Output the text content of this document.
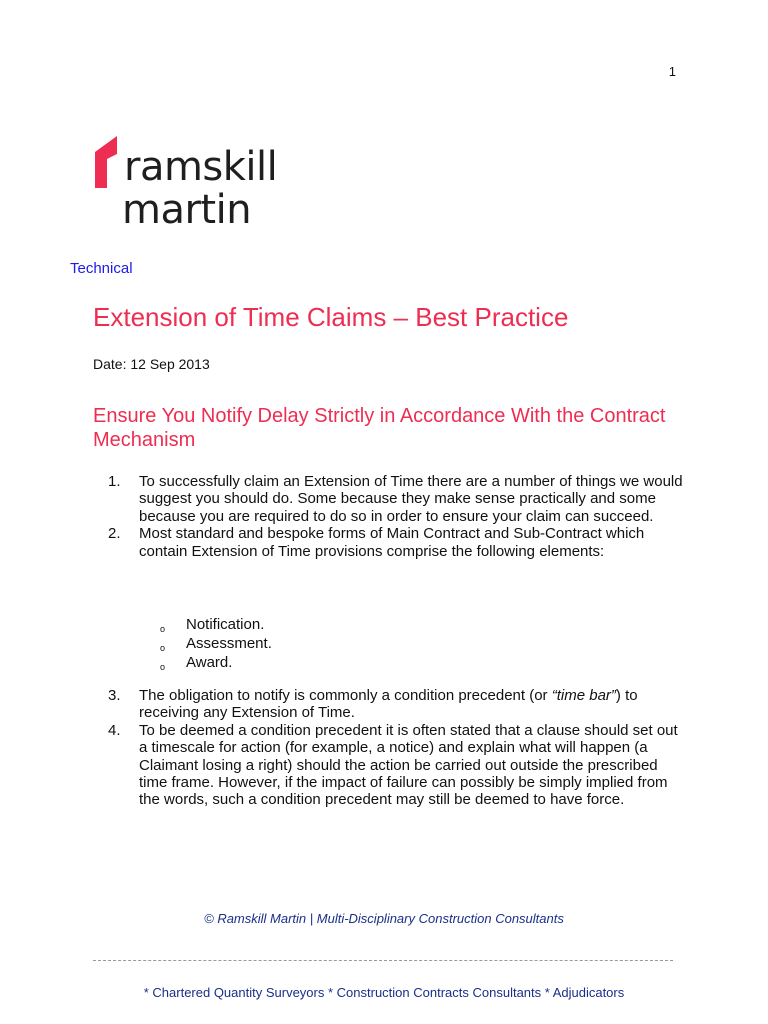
1
ramskill
martin
Technical
Extension of Time Claims – Best Practice
Date: 12 Sep 2013
Ensure You Notify Delay Strictly in Accordance With the Contract Mechanism
1. To successfully claim an Extension of Time there are a number of things we would suggest you should do. Some because they make sense practically and some because you are required to do so in order to ensure your claim can succeed.
2. Most standard and bespoke forms of Main Contract and Sub-Contract which contain Extension of Time provisions comprise the following elements:
o Notification.
o Assessment.
o Award.
3. The obligation to notify is commonly a condition precedent (or “time bar”) to receiving any Extension of Time.
4. To be deemed a condition precedent it is often stated that a clause should set out a timescale for action (for example, a notice) and explain what will happen (a Claimant losing a right) should the action be carried out outside the prescribed time frame. However, if the impact of failure can possibly be simply implied from the words, such a condition precedent may still be deemed to have force.
© Ramskill Martin | Multi-Disciplinary Construction Consultants
* Chartered Quantity Surveyors * Construction Contracts Consultants * Adjudicators
